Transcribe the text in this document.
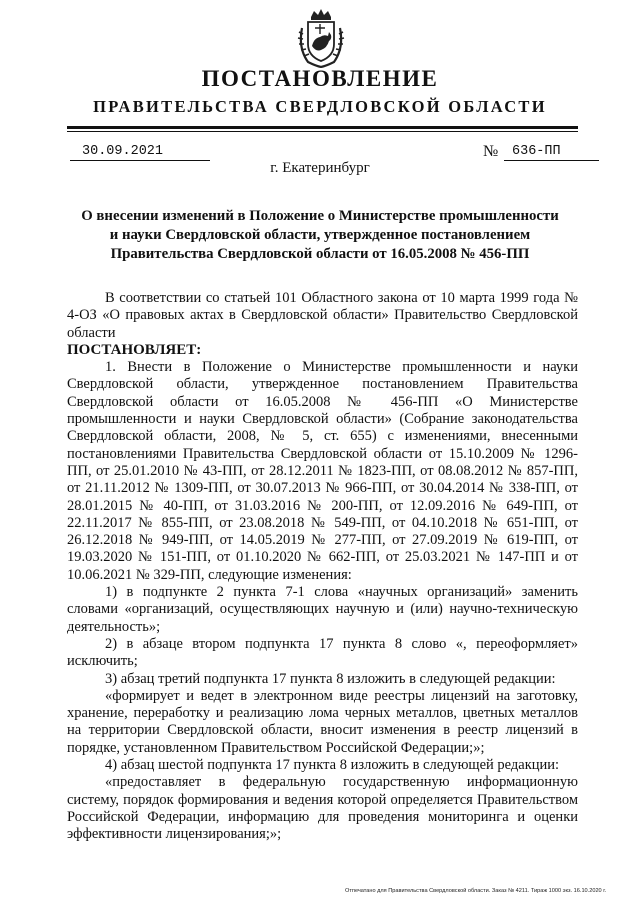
ПОСТАНОВЛЕНИЕ
ПРАВИТЕЛЬСТВА СВЕРДЛОВСКОЙ ОБЛАСТИ
30.09.2021	№	636-ПП
г. Екатеринбург
О внесении изменений в Положение о Министерстве промышленности
и науки Свердловской области, утвержденное постановлением
Правительства Свердловской области от 16.05.2008 № 456-ПП

В соответствии со статьей 101 Областного закона от 10 марта 1999 года № 4-ОЗ «О правовых актах в Свердловской области» Правительство Свердловской области

ПОСТАНОВЛЯЕТ:

1. Внести в Положение о Министерстве промышленности и науки Свердловской области, утвержденное постановлением Правительства Свердловской области от 16.05.2008 № 456-ПП «О Министерстве промышленности и науки Свердловской области» (Собрание законодательства Свердловской области, 2008, № 5, ст. 655) с изменениями, внесенными постановлениями Правительства Свердловской области от 15.10.2009 № 1296-ПП, от 25.01.2010 № 43-ПП, от 28.12.2011 № 1823-ПП, от 08.08.2012 № 857-ПП, от 21.11.2012 № 1309-ПП, от 30.07.2013 № 966-ПП, от 30.04.2014 № 338-ПП, от 28.01.2015 № 40-ПП, от 31.03.2016 № 200-ПП, от 12.09.2016 № 649-ПП, от 22.11.2017 № 855-ПП, от 23.08.2018 № 549-ПП, от 04.10.2018 № 651-ПП, от 26.12.2018 № 949-ПП, от 14.05.2019 № 277-ПП, от 27.09.2019 № 619-ПП, от 19.03.2020 № 151-ПП, от 01.10.2020 № 662-ПП, от 25.03.2021 № 147-ПП и от 10.06.2021 № 329-ПП, следующие изменения:

1) в подпункте 2 пункта 7-1 слова «научных организаций» заменить словами «организаций, осуществляющих научную и (или) научно-техническую деятельность»;

2) в абзаце втором подпункта 17 пункта 8 слово «, переоформляет» исключить;

3) абзац третий подпункта 17 пункта 8 изложить в следующей редакции:

«формирует и ведет в электронном виде реестры лицензий на заготовку, хранение, переработку и реализацию лома черных металлов, цветных металлов на территории Свердловской области, вносит изменения в реестр лицензий в порядке, установленном Правительством Российской Федерации;»;

4) абзац шестой подпункта 17 пункта 8 изложить в следующей редакции:

«предоставляет в федеральную государственную информационную систему, порядок формирования и ведения которой определяется Правительством Российской Федерации, информацию для проведения мониторинга и оценки эффективности лицензирования;»;

Отпечатано для Правительства Свердловской области. Заказ № 4211. Тираж 1000 экз. 16.10.2020 г.
